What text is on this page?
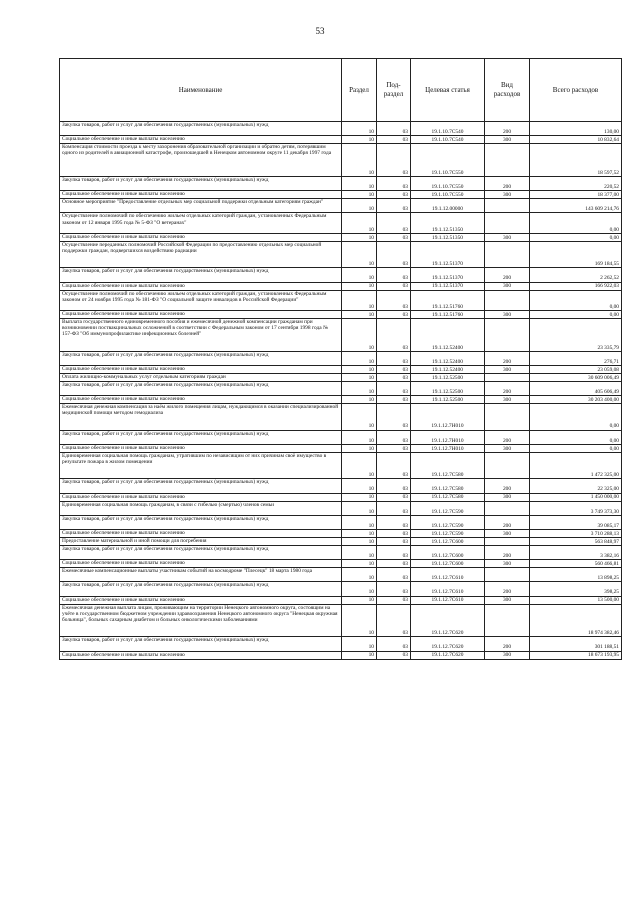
53
Наименование	Раздел	Под-раздел	Целевая статья	Вид расходов	Всего расходов
Закупка товаров, работ и услуг для обеспечения государственных (муниципальных) нужд	10	03	19.1.10.7С540	200	130,00
Социальное обеспечение и иные выплаты населению	10	03	19.1.10.7С540	300	10 832,64
Компенсация стоимости проезда к месту захоронения образовательной организации и обратно детям, потерявшим одного из родителей в авиационной катастрофе, произошедшей в Ненецком автономном округе 11 декабря 1997 года	10	03	19.1.10.7С550		18 597,52
Закупка товаров, работ и услуг для обеспечения государственных (муниципальных) нужд	10	03	19.1.10.7С550	200	220,52
Социальное обеспечение и иные выплаты населению	10	03	19.1.10.7С550	300	18 377,00
Основное мероприятие "Предоставление отдельных мер социальной поддержки отдельным категориям граждан"	10	03	19.1.12.00000		143 609 214,76
Осуществление полномочий по обеспечению жильем отдельных категорий граждан, установленных Федеральным законом от 12 января 1995 года № 5-ФЗ "О ветеранах"	10	03	19.1.12.51350		0,00
Социальное обеспечение и иные выплаты населению	10	03	19.1.12.51350	300	0,00
Осуществление переданных полномочий Российской Федерации по предоставлению отдельных мер социальной поддержки граждан, подвергшихся воздействию радиации	10	03	19.1.12.51370		169 184,55
Закупка товаров, работ и услуг для обеспечения государственных (муниципальных) нужд	10	03	19.1.12.51370	200	2 262,52
Социальное обеспечение и иные выплаты населению	10	03	19.1.12.51370	300	166 922,03
Осуществление полномочий по обеспечению жильем отдельных категорий граждан, установленных Федеральным законом от 24 ноября 1995 года № 181-ФЗ "О социальной защите инвалидов в Российской Федерации"	10	03	19.1.12.51760		0,00
Социальное обеспечение и иные выплаты населению	10	03	19.1.12.51760	300	0,00
Выплата государственного единовременного пособия и ежемесячной денежной компенсации гражданам при возникновении поствакцинальных осложнений в соответствии с Федеральным законом от 17 сентября 1998 года № 157-ФЗ "Об иммунопрофилактике инфекционных болезней"	10	03	19.1.12.52400		23 335,79
Закупка товаров, работ и услуг для обеспечения государственных (муниципальных) нужд	10	03	19.1.12.52400	200	276,71
Социальное обеспечение и иные выплаты населению	10	03	19.1.12.52400	300	23 059,08
Оплата жилищно-коммунальных услуг отдельным категориям граждан	10	03	19.1.12.52500		30 609 006,49
Закупка товаров, работ и услуг для обеспечения государственных (муниципальных) нужд	10	03	19.1.12.52500	200	405 606,49
Социальное обеспечение и иные выплаты населению	10	03	19.1.12.52500	300	30 203 400,00
Ежемесячная денежная компенсация за наём жилого помещения лицам, нуждающимся в оказании специализированной медицинской помощи методом гемодиализа	10	03	19.1.12.7Н010		0,00
Закупка товаров, работ и услуг для обеспечения государственных (муниципальных) нужд	10	03	19.1.12.7Н010	200	0,00
Социальное обеспечение и иные выплаты населению	10	03	19.1.12.7Н010	300	0,00
Единовременная социальная помощь гражданам, утратившим по независящим от них причинам своё имущество в результате пожара в жилом помещении	10	03	19.1.12.7С580		1 472 325,00
Закупка товаров, работ и услуг для обеспечения государственных (муниципальных) нужд	10	03	19.1.12.7С580	200	22 325,00
Социальное обеспечение и иные выплаты населению	10	03	19.1.12.7С580	300	1 450 000,00
Единовременная социальная помощь гражданам, в связи с гибелью (смертью) членов семьи	10	03	19.1.12.7С590		3 749 373,30
Закупка товаров, работ и услуг для обеспечения государственных (муниципальных) нужд	10	03	19.1.12.7С590	200	39 085,17
Социальное обеспечение и иные выплаты населению	10	03	19.1.12.7С590	300	3 710 288,13
Предоставление материальной и иной помощи для погребения	10	03	19.1.12.7С600		563 848,97
Закупка товаров, работ и услуг для обеспечения государственных (муниципальных) нужд	10	03	19.1.12.7С600	200	3 382,16
Социальное обеспечение и иные выплаты населению	10	03	19.1.12.7С600	300	560 466,81
Ежемесячные компенсационные выплаты участникам событий на космодроме "Плесецк" 18 марта 1980 года	10	03	19.1.12.7С610		13 898,25
Закупка товаров, работ и услуг для обеспечения государственных (муниципальных) нужд	10	03	19.1.12.7С610	200	398,25
Социальное обеспечение и иные выплаты населению	10	03	19.1.12.7С610	300	13 500,00
Ежемесячная денежная выплата лицам, проживающим на территории Ненецкого автономного округа, состоящим на учёте в государственном бюджетном учреждении здравоохранения Ненецкого автономного округа "Ненецкая окружная больница", больных сахарным диабетом и больных онкологическими заболеваниями	10	03	19.1.12.7С620		18 974 382,46
Закупка товаров, работ и услуг для обеспечения государственных (муниципальных) нужд	10	03	19.1.12.7С620	200	301 188,51
Социальное обеспечение и иные выплаты населению	10	03	19.1.12.7С620	300	18 673 193,95
